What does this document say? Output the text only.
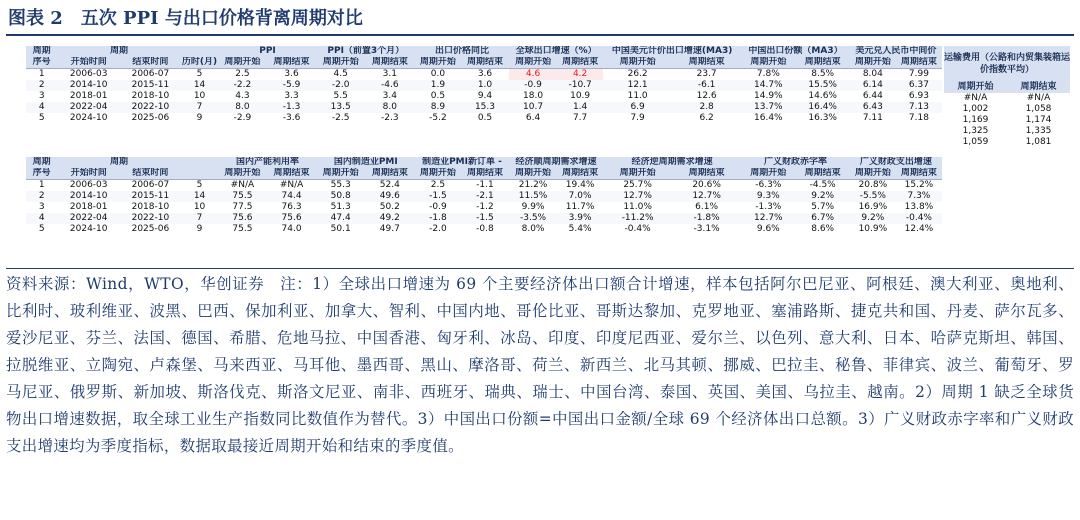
图表 2　五次 PPI 与出口价格背离周期对比
周期	周期			PPI		PPI（前置3个月）		出口价格同比		全球出口增速（%）		中国美元计价出口增速(MA3)		中国出口份额（MA3）		美元兑人民币中间价	
序号	开始时间	结束时间	历时(月)	周期开始	周期结束	周期开始	周期结束	周期开始	周期结束	周期开始	周期结束	周期开始	周期结束	周期开始	周期结束	周期开始	周期结束
1	2006-03	2006-07	5	2.5	3.6	4.5	3.1	0.0	3.6	4.6	4.2	26.2	23.7	7.8%	8.5%	8.04	7.99
2	2014-10	2015-11	14	-2.2	-5.9	-2.0	-4.6	1.9	1.0	-0.9	-10.7	12.1	-6.1	14.7%	15.5%	6.14	6.37
3	2018-01	2018-10	10	4.3	3.3	5.5	3.4	0.5	9.4	18.0	10.9	11.0	12.6	14.9%	14.6%	6.44	6.93
4	2022-04	2022-10	7	8.0	-1.3	13.5	8.0	8.9	15.3	10.7	1.4	6.9	2.8	13.7%	16.4%	6.43	7.13
5	2024-10	2025-06	9	-2.9	-3.6	-2.5	-2.3	-5.2	0.5	6.4	7.7	7.9	6.2	16.4%	16.3%	7.11	7.18
运输费用（公路和内贸集装箱运价指数平均）	
周期开始	周期结束
#N/A	#N/A
1,002	1,058
1,169	1,174
1,325	1,335
1,059	1,081
周期	周期			国内产能利用率		国内制造业PMI		制造业PMI新订单 -		经济顺周期需求增速		经济逆周期需求增速		广义财政赤字率		广义财政支出增速	
序号	开始时间	结束时间		周期开始	周期结束	周期开始	周期结束	周期开始	周期结束	周期开始	周期结束	周期开始	周期结束	周期开始	周期结束	周期开始	周期结束
1	2006-03	2006-07	5	#N/A	#N/A	55.3	52.4	2.5	-1.1	21.2%	19.4%	25.7%	20.6%	-6.3%	-4.5%	20.8%	15.2%
2	2014-10	2015-11	14	75.5	74.4	50.8	49.6	-1.5	-2.1	11.5%	7.0%	12.7%	12.7%	9.3%	9.2%	-5.5%	7.3%
3	2018-01	2018-10	10	77.5	76.3	51.3	50.2	-0.9	-1.2	9.9%	11.7%	11.0%	6.1%	-1.3%	5.7%	16.9%	13.8%
4	2022-04	2022-10	7	75.6	75.6	47.4	49.2	-1.8	-1.5	-3.5%	3.9%	-11.2%	-1.8%	12.7%	6.7%	9.2%	-0.4%
5	2024-10	2025-06	9	75.5	74.0	50.1	49.7	-2.0	-0.8	8.0%	5.4%	-0.4%	-3.1%	9.6%	8.6%	10.9%	12.4%
资料来源：Wind，WTO，华创证券　注：1）全球出口增速为 69 个主要经济体出口额合计增速，样本包括阿尔巴尼亚、阿根廷、澳大利亚、奥地利、比利时、玻利维亚、波黑、巴西、保加利亚、加拿大、智利、中国内地、哥伦比亚、哥斯达黎加、克罗地亚、塞浦路斯、捷克共和国、丹麦、萨尔瓦多、爱沙尼亚、芬兰、法国、德国、希腊、危地马拉、中国香港、匈牙利、冰岛、印度、印度尼西亚、爱尔兰、以色列、意大利、日本、哈萨克斯坦、韩国、拉脱维亚、立陶宛、卢森堡、马来西亚、马耳他、墨西哥、黑山、摩洛哥、荷兰、新西兰、北马其顿、挪威、巴拉圭、秘鲁、菲律宾、波兰、葡萄牙、罗马尼亚、俄罗斯、新加坡、斯洛伐克、斯洛文尼亚、南非、西班牙、瑞典、瑞士、中国台湾、泰国、英国、美国、乌拉圭、越南。2）周期 1 缺乏全球货物出口增速数据，取全球工业生产指数同比数值作为替代。3）中国出口份额=中国出口金额/全球 69 个经济体出口总额。3）广义财政赤字率和广义财政支出增速均为季度指标，数据取最接近周期开始和结束的季度值。
